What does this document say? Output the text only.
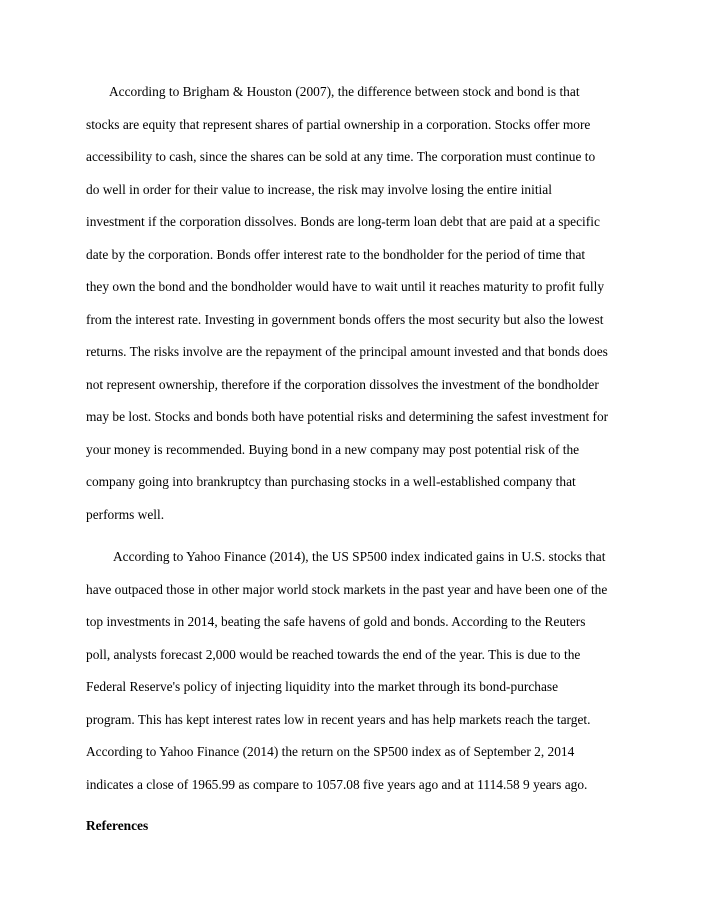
According to Brigham & Houston (2007), the difference between stock and bond is that
stocks are equity that represent shares of partial ownership in a corporation. Stocks offer more
accessibility to cash, since the shares can be sold at any time. The corporation must continue to
do well in order for their value to increase, the risk may involve losing the entire initial
investment if the corporation dissolves. Bonds are long-term loan debt that are paid at a specific
date by the corporation. Bonds offer interest rate to the bondholder for the period of time that
they own the bond and the bondholder would have to wait until it reaches maturity to profit fully
from the interest rate. Investing in government bonds offers the most security but also the lowest
returns. The risks involve are the repayment of the principal amount invested and that bonds does
not represent ownership, therefore if the corporation dissolves the investment of the bondholder
may be lost. Stocks and bonds both have potential risks and determining the safest investment for
your money is recommended. Buying bond in a new company may post potential risk of the
company going into brankruptcy than purchasing stocks in a well-established company that
performs well.
According to Yahoo Finance (2014), the US SP500 index indicated gains in U.S. stocks that
have outpaced those in other major world stock markets in the past year and have been one of the
top investments in 2014, beating the safe havens of gold and bonds. According to the Reuters
poll, analysts forecast 2,000 would be reached towards the end of the year. This is due to the
Federal Reserve's policy of injecting liquidity into the market through its bond-purchase
program. This has kept interest rates low in recent years and has help markets reach the target.
According to Yahoo Finance (2014) the return on the SP500 index as of September 2, 2014
indicates a close of 1965.99 as compare to 1057.08 five years ago and at 1114.58 9 years ago.
References
